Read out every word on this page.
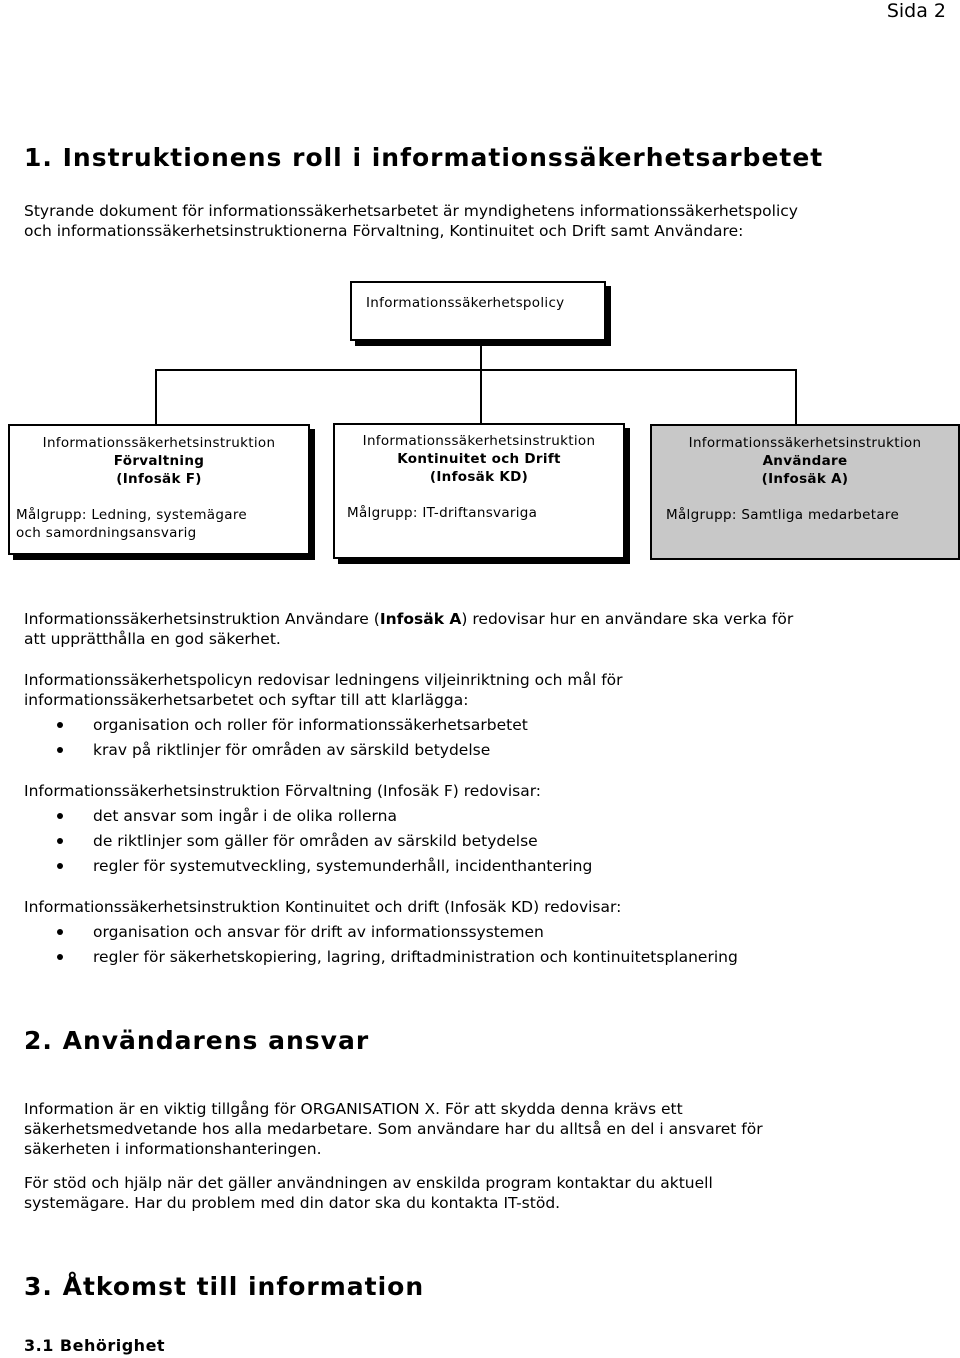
Sida 2
1. Instruktionens roll i informationssäkerhetsarbetet

Styrande dokument för informationssäkerhetsarbetet är myndighetens informationssäkerhetspolicy
och informationssäkerhetsinstruktionerna Förvaltning, Kontinuitet och Drift samt Användare:

Informationssäkerhetspolicy
Informationssäkerhetsinstruktion
Förvaltning
(Infosäk F)
Målgrupp: Ledning, systemägare
och samordningsansvarig
Informationssäkerhetsinstruktion
Kontinuitet och Drift
(Infosäk KD)
Målgrupp: IT-driftansvariga
Informationssäkerhetsinstruktion
Användare
(Infosäk A)
Målgrupp: Samtliga medarbetare

Informationssäkerhetsinstruktion Användare (Infosäk A) redovisar hur en användare ska verka för
att upprätthålla en god säkerhet.

Informationssäkerhetspolicyn redovisar ledningens viljeinriktning och mål för
informationssäkerhetsarbetet och syftar till att klarlägga:
organisation och roller för informationssäkerhetsarbetet
krav på riktlinjer för områden av särskild betydelse
Informationssäkerhetsinstruktion Förvaltning (Infosäk F) redovisar:
det ansvar som ingår i de olika rollerna
de riktlinjer som gäller för områden av särskild betydelse
regler för systemutveckling, systemunderhåll, incidenthantering
Informationssäkerhetsinstruktion Kontinuitet och drift (Infosäk KD) redovisar:
organisation och ansvar för drift av informationssystemen
regler för säkerhetskopiering, lagring, driftadministration och kontinuitetsplanering
2. Användarens ansvar

Information är en viktig tillgång för ORGANISATION X. För att skydda denna krävs ett
säkerhetsmedvetande hos alla medarbetare. Som användare har du alltså en del i ansvaret för
säkerheten i informationshanteringen.

För stöd och hjälp när det gäller användningen av enskilda program kontaktar du aktuell
systemägare. Har du problem med din dator ska du kontakta IT-stöd.

3. Åtkomst till information
3.1 Behörighet
